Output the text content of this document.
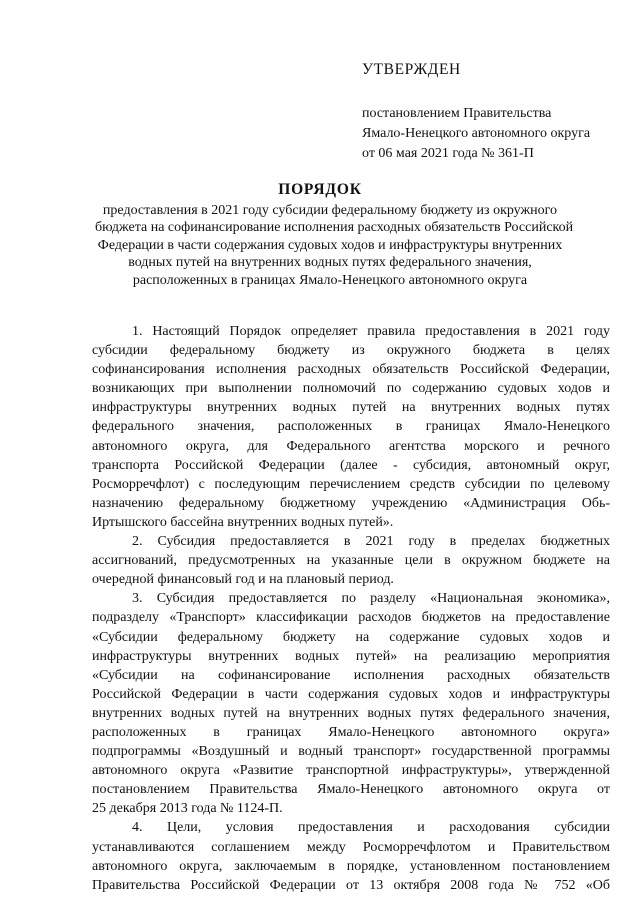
УТВЕРЖДЕН
постановлением Правительства
Ямало-Ненецкого автономного округа
от 06 мая 2021 года № 361-П
ПОРЯДОК
предоставления в 2021 году субсидии федеральному бюджету из окружного
бюджета на софинансирование исполнения расходных обязательств Российской
Федерации в части содержания судовых ходов и инфраструктуры внутренних
водных путей на внутренних водных путях федерального значения,
расположенных в границах Ямало-Ненецкого автономного округа
1. Настоящий Порядок определяет правила предоставления в 2021 году
субсидии федеральному бюджету из окружного бюджета в целях
софинансирования исполнения расходных обязательств Российской Федерации,
возникающих при выполнении полномочий по содержанию судовых ходов и
инфраструктуры внутренних водных путей на внутренних водных путях
федерального значения, расположенных в границах Ямало-Ненецкого
автономного округа, для Федерального агентства морского и речного
транспорта Российской Федерации (далее - субсидия, автономный округ,
Росморречфлот) с последующим перечислением средств субсидии по целевому
назначению федеральному бюджетному учреждению «Администрация Обь-
Иртышского бассейна внутренних водных путей».
2. Субсидия предоставляется в 2021 году в пределах бюджетных
ассигнований, предусмотренных на указанные цели в окружном бюджете на
очередной финансовый год и на плановый период.
3. Субсидия предоставляется по разделу «Национальная экономика»,
подразделу «Транспорт» классификации расходов бюджетов на предоставление
«Субсидии федеральному бюджету на содержание судовых ходов и
инфраструктуры внутренних водных путей» на реализацию мероприятия
«Субсидии на софинансирование исполнения расходных обязательств
Российской Федерации в части содержания судовых ходов и инфраструктуры
внутренних водных путей на внутренних водных путях федерального значения,
расположенных в границах Ямало-Ненецкого автономного округа»
подпрограммы «Воздушный и водный транспорт» государственной программы
автономного округа «Развитие транспортной инфраструктуры», утвержденной
постановлением Правительства Ямало-Ненецкого автономного округа от
25 декабря 2013 года № 1124-П.
4. Цели, условия предоставления и расходования субсидии
устанавливаются соглашением между Росморречфлотом и Правительством
автономного округа, заключаемым в порядке, установленном постановлением
Правительства Российской Федерации от 13 октября 2008 года № 752 «Об
